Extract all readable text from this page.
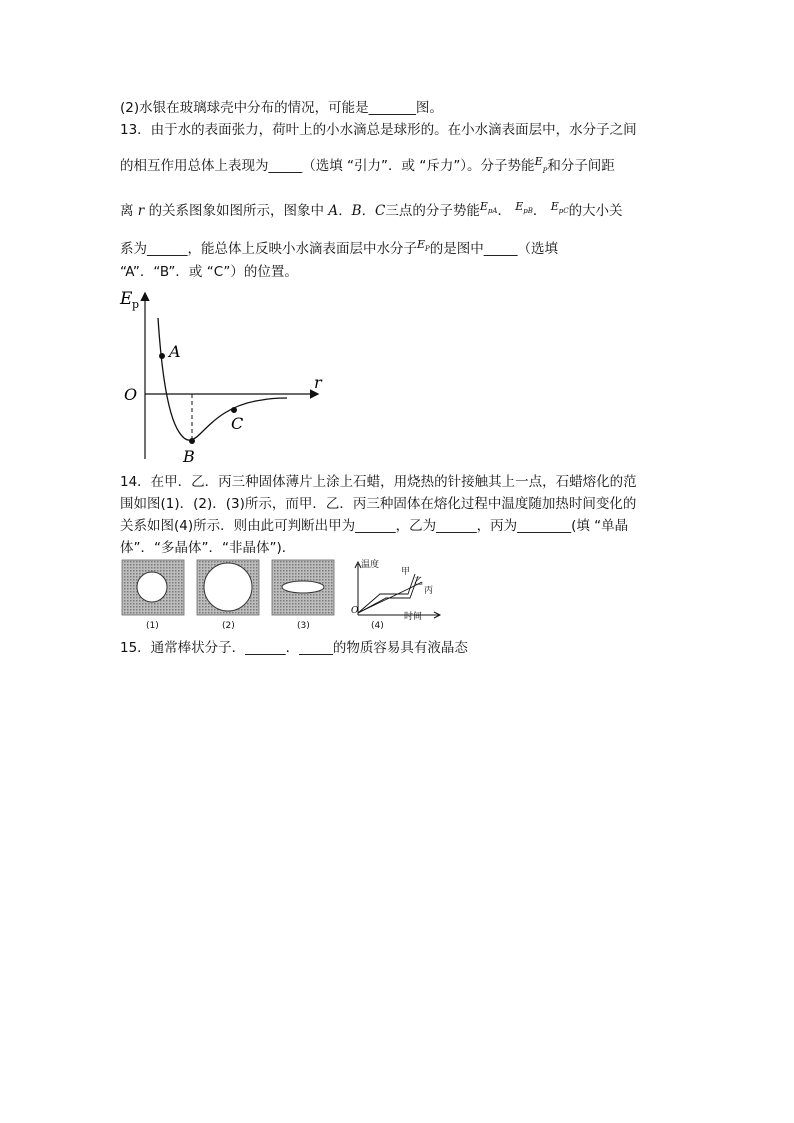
(2)水银在玻璃球壳中分布的情况，可能是_______图。
13．由于水的表面张力，荷叶上的小水滴总是球形的。在小水滴表面层中，水分子之间
的相互作用总体上表现为_____（选填 “引力”．或 “斥力”）。分子势能$^E_P$和分子间距
离 r 的关系图象如图所示，图象中 A．B．C三点的分子势能$^E$pA． $^E$pB． $^E$pC的大小关
系为______，能总体上反映小水滴表面层中水分子$^E$P的是图中_____（选填
“A”．“B”．或 “C”）的位置。
E p
r
O
A
B
C
14．在甲．乙．丙三种固体薄片上涂上石蜡，用烧热的针接触其上一点，石蜡熔化的范
围如图(1)．(2)．(3)所示，而甲．乙．丙三种固体在熔化过程中温度随加热时间变化的
关系如图(4)所示．则由此可判断出甲为______，乙为______，丙为________(填 “单晶
体”．“多晶体”．“非晶体”)．
温度
甲
乙
丙
O
时间
(1)	(2)	(3)	(4)
15．通常棒状分子．______．_____的物质容易具有液晶态
